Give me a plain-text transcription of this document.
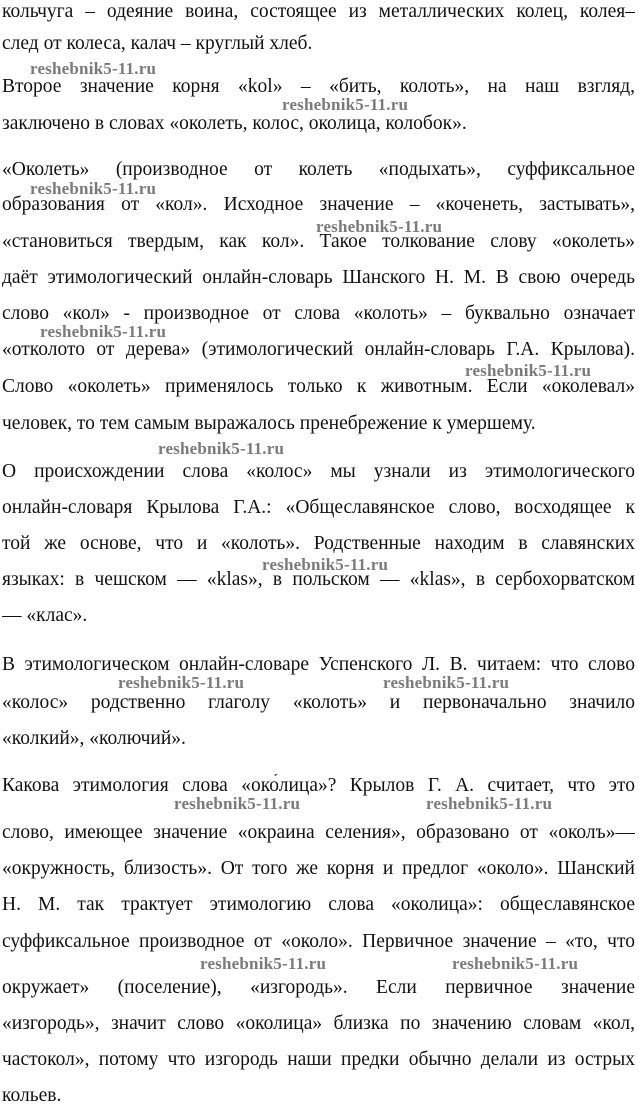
кольчуга – одеяние воина, состоящее из металлических колец, колея–
след от колеса, калач – круглый хлеб.
Второе значение корня «kol» – «бить, колоть», на наш взгляд,
заключено в словах «околеть, колос, околица, колобок».
«Околеть» (производное от колеть «подыхать», суффиксальное
образования от «кол». Исходное значение – «коченеть, застывать»,
«становиться твердым, как кол». Такое толкование слову «околеть»
даёт этимологический онлайн-словарь Шанского Н. М. В свою очередь
слово «кол» - производное от слова «колоть» – буквально означает
«отколото от дерева» (этимологический онлайн-словарь Г.А. Крылова).
Слово «околеть» применялось только к животным. Если «околевал»
человек, то тем самым выражалось пренебрежение к умершему.
О происхождении слова «колос» мы узнали из этимологического
онлайн-словаря Крылова Г.А.: «Общеславянское слово, восходящее к
той же основе, что и «колоть». Родственные находим в славянских
языках: в чешском — «klas», в польском — «klas», в сербохорватском
— «клас».
В этимологическом онлайн-словаре Успенского Л. В. читаем: что слово
«колос» родственно глаголу «колоть» и первоначально значило
«колкий», «колючий».
Какова этимология слова «око́лица»? Крылов Г. А. считает, что это
слово, имеющее значение «окраина селения», образовано от «околъ»—
«окружность, близость». От того же корня и предлог «около». Шанский
Н. М. так трактует этимологию слова «околица»: общеславянское
суффиксальное производное от «около». Первичное значение – «то, что
окружает» (поселение), «изгородь». Если первичное значение
«изгородь», значит слово «околица» близка по значению словам «кол,
частокол», потому что изгородь наши предки обычно делали из острых
кольев.
reshebnik5-11.ru
reshebnik5-11.ru
reshebnik5-11.ru
reshebnik5-11.ru
reshebnik5-11.ru
reshebnik5-11.ru
reshebnik5-11.ru
reshebnik5-11.ru
reshebnik5-11.ru	reshebnik5-11.ru
reshebnik5-11.ru	reshebnik5-11.ru
reshebnik5-11.ru	reshebnik5-11.ru
